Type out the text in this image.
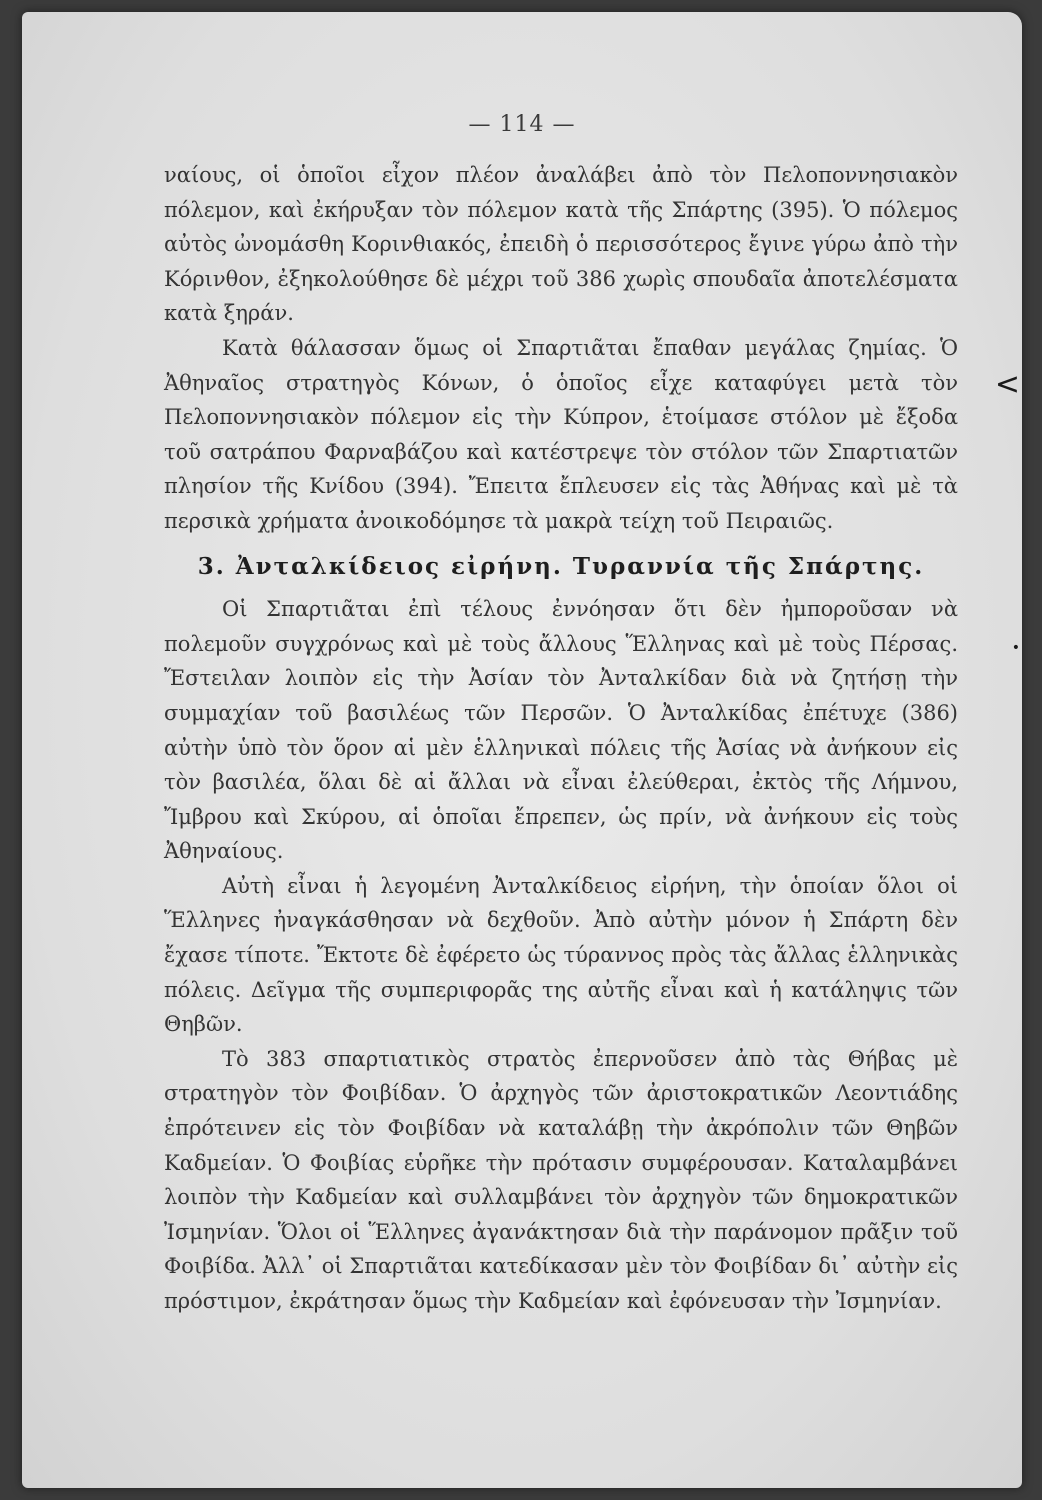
— 114 —

ναίους, οἱ ὁποῖοι εἶχον πλέον ἀναλάβει ἀπὸ τὸν Πελοποννησιακὸν πόλεμον, καὶ ἐκήρυξαν τὸν πόλεμον κατὰ τῆς Σπάρτης (395). Ὁ πόλεμος αὐτὸς ὠνομάσθη Κορινθιακός, ἐπειδὴ ὁ περισσότερος ἔγινε γύρω ἀπὸ τὴν Κόρινθον, ἐξηκολούθησε δὲ μέχρι τοῦ 386 χωρὶς σπουδαῖα ἀποτελέσματα κατὰ ξηράν.

Κατὰ θάλασσαν ὅμως οἱ Σπαρτιᾶται ἔπαθαν μεγάλας ζημίας. Ὁ Ἀθηναῖος στρατηγὸς Κόνων, ὁ ὁποῖος εἶχε καταφύγει μετὰ τὸν Πελοποννησιακὸν πόλεμον εἰς τὴν Κύπρον, ἑτοίμασε στόλον μὲ ἔξοδα τοῦ σατράπου Φαρναβάζου καὶ κατέστρεψε τὸν στόλον τῶν Σπαρτιατῶν πλησίον τῆς Κνίδου (394). Ἔπειτα ἔπλευσεν εἰς τὰς Ἀθήνας καὶ μὲ τὰ περσικὰ χρήματα ἀνοικοδόμησε τὰ μακρὰ τείχη τοῦ Πειραιῶς.

3. Ἀνταλκίδειος εἰρήνη. Τυραννία τῆς Σπάρτης.

Οἱ Σπαρτιᾶται ἐπὶ τέλους ἐννόησαν ὅτι δὲν ἠμποροῦσαν νὰ πολεμοῦν συγχρόνως καὶ μὲ τοὺς ἄλλους Ἕλληνας καὶ μὲ τοὺς Πέρσας. Ἔστειλαν λοιπὸν εἰς τὴν Ἀσίαν τὸν Ἀνταλκίδαν διὰ νὰ ζητήσῃ τὴν συμμαχίαν τοῦ βασιλέως τῶν Περσῶν. Ὁ Ἀνταλκίδας ἐπέτυχε (386) αὐτὴν ὑπὸ τὸν ὅρον αἱ μὲν ἑλληνικαὶ πόλεις τῆς Ἀσίας νὰ ἀνήκουν εἰς τὸν βασιλέα, ὅλαι δὲ αἱ ἄλλαι νὰ εἶναι ἐλεύθεραι, ἐκτὸς τῆς Λήμνου, Ἴμβρου καὶ Σκύρου, αἱ ὁποῖαι ἔπρεπεν, ὡς πρίν, νὰ ἀνήκουν εἰς τοὺς Ἀθηναίους.

Αὐτὴ εἶναι ἡ λεγομένη Ἀνταλκίδειος εἰρήνη, τὴν ὁποίαν ὅλοι οἱ Ἕλληνες ἠναγκάσθησαν νὰ δεχθοῦν. Ἀπὸ αὐτὴν μόνον ἡ Σπάρτη δὲν ἔχασε τίποτε. Ἔκτοτε δὲ ἐφέρετο ὡς τύραννος πρὸς τὰς ἄλλας ἑλληνικὰς πόλεις. Δεῖγμα τῆς συμπεριφορᾶς της αὐτῆς εἶναι καὶ ἡ κατάληψις τῶν Θηβῶν.

Τὸ 383 σπαρτιατικὸς στρατὸς ἐπερνοῦσεν ἀπὸ τὰς Θήβας μὲ στρατηγὸν τὸν Φοιβίδαν. Ὁ ἀρχηγὸς τῶν ἀριστοκρατικῶν Λεοντιάδης ἐπρότεινεν εἰς τὸν Φοιβίδαν νὰ καταλάβῃ τὴν ἀκρόπολιν τῶν Θηβῶν Καδμείαν. Ὁ Φοιβίας εὑρῆκε τὴν πρότασιν συμφέρουσαν. Καταλαμβάνει λοιπὸν τὴν Καδμείαν καὶ συλλαμβάνει τὸν ἀρχηγὸν τῶν δημοκρατικῶν Ἰσμηνίαν. Ὅλοι οἱ Ἕλληνες ἀγανάκτησαν διὰ τὴν παράνομον πρᾶξιν τοῦ Φοιβίδα. Ἀλλ᾽ οἱ Σπαρτιᾶται κατεδίκασαν μὲν τὸν Φοιβίδαν δι᾽ αὐτὴν εἰς πρόστιμον, ἐκράτησαν ὅμως τὴν Καδμείαν καὶ ἐφόνευσαν τὴν Ἰσμηνίαν.

<
•
